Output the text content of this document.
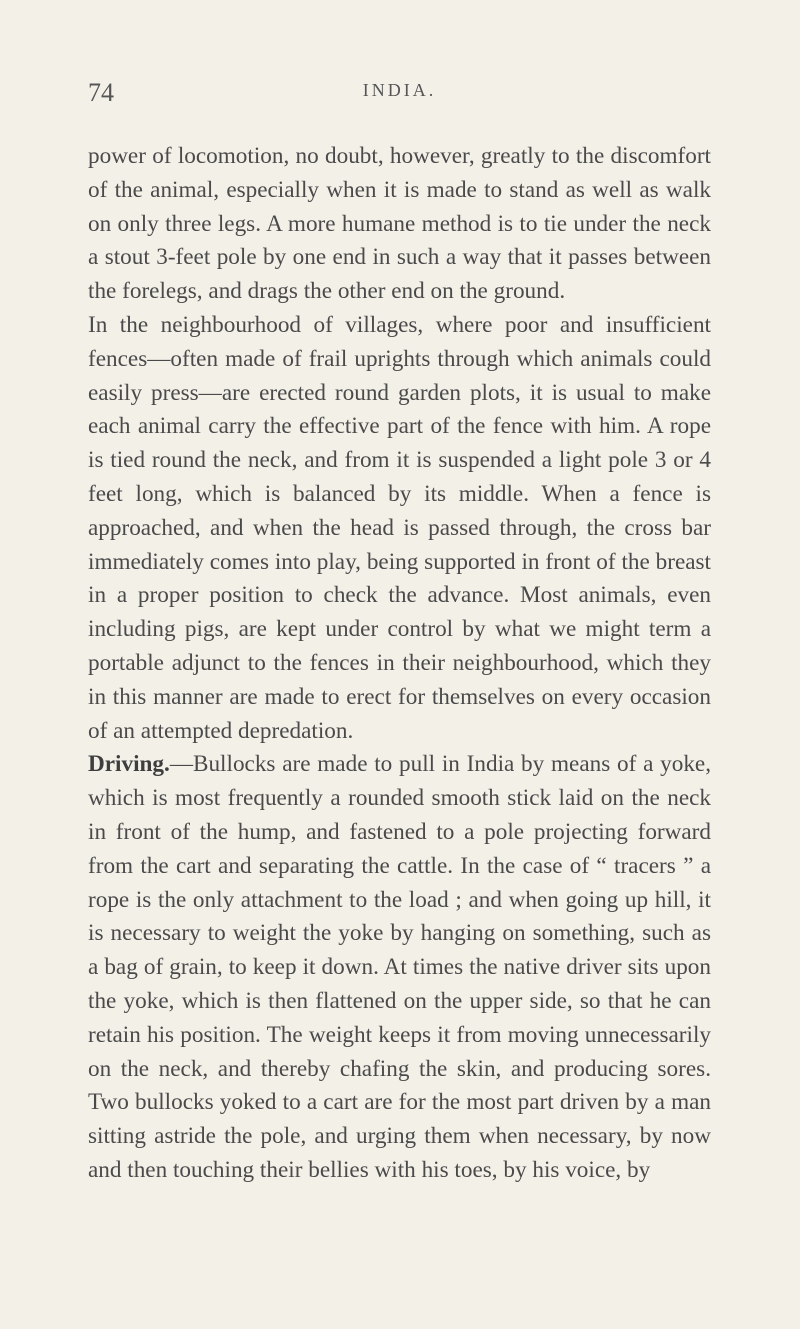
74	INDIA.

power of locomotion, no doubt, however, greatly to the discomfort of the animal, especially when it is made to stand as well as walk on only three legs. A more humane method is to tie under the neck a stout 3-feet pole by one end in such a way that it passes between the forelegs, and drags the other end on the ground.

In the neighbourhood of villages, where poor and insufficient fences—often made of frail uprights through which animals could easily press—are erected round garden plots, it is usual to make each animal carry the effective part of the fence with him. A rope is tied round the neck, and from it is suspended a light pole 3 or 4 feet long, which is balanced by its middle. When a fence is approached, and when the head is passed through, the cross bar immediately comes into play, being supported in front of the breast in a proper position to check the advance. Most animals, even including pigs, are kept under control by what we might term a portable adjunct to the fences in their neighbourhood, which they in this manner are made to erect for themselves on every occasion of an attempted depredation.

Driving.—Bullocks are made to pull in India by means of a yoke, which is most frequently a rounded smooth stick laid on the neck in front of the hump, and fastened to a pole projecting forward from the cart and separating the cattle. In the case of “ tracers ” a rope is the only attachment to the load ; and when going up hill, it is necessary to weight the yoke by hanging on something, such as a bag of grain, to keep it down. At times the native driver sits upon the yoke, which is then flattened on the upper side, so that he can retain his position. The weight keeps it from moving unnecessarily on the neck, and thereby chafing the skin, and producing sores. Two bullocks yoked to a cart are for the most part driven by a man sitting astride the pole, and urging them when necessary, by now and then touching their bellies with his toes, by his voice, by
